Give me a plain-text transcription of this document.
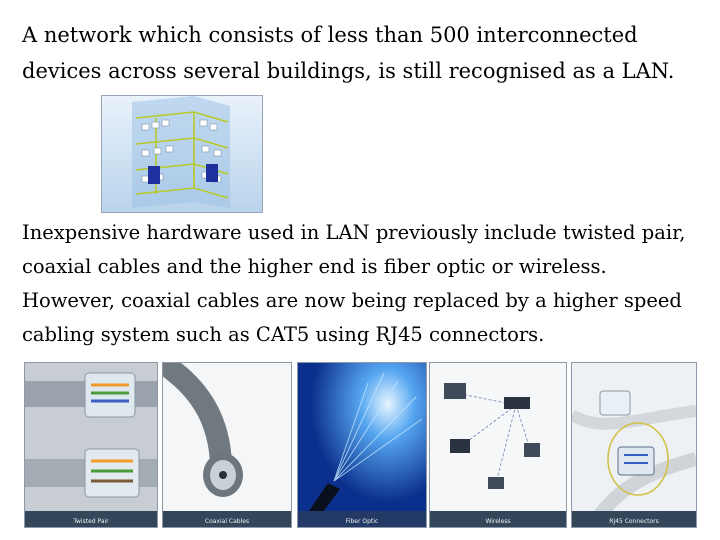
A network which consists of less than 500 interconnected devices across several buildings, is still recognised as a LAN.

Inexpensive hardware used in LAN previously include twisted pair, coaxial cables and the higher end is fiber optic or wireless. However, coaxial cables are now being replaced by a higher speed cabling system such as CAT5 using RJ45 connectors.

Twisted Pair	Coaxial Cables	Fiber Optic	Wireless	RJ45 Connectors
